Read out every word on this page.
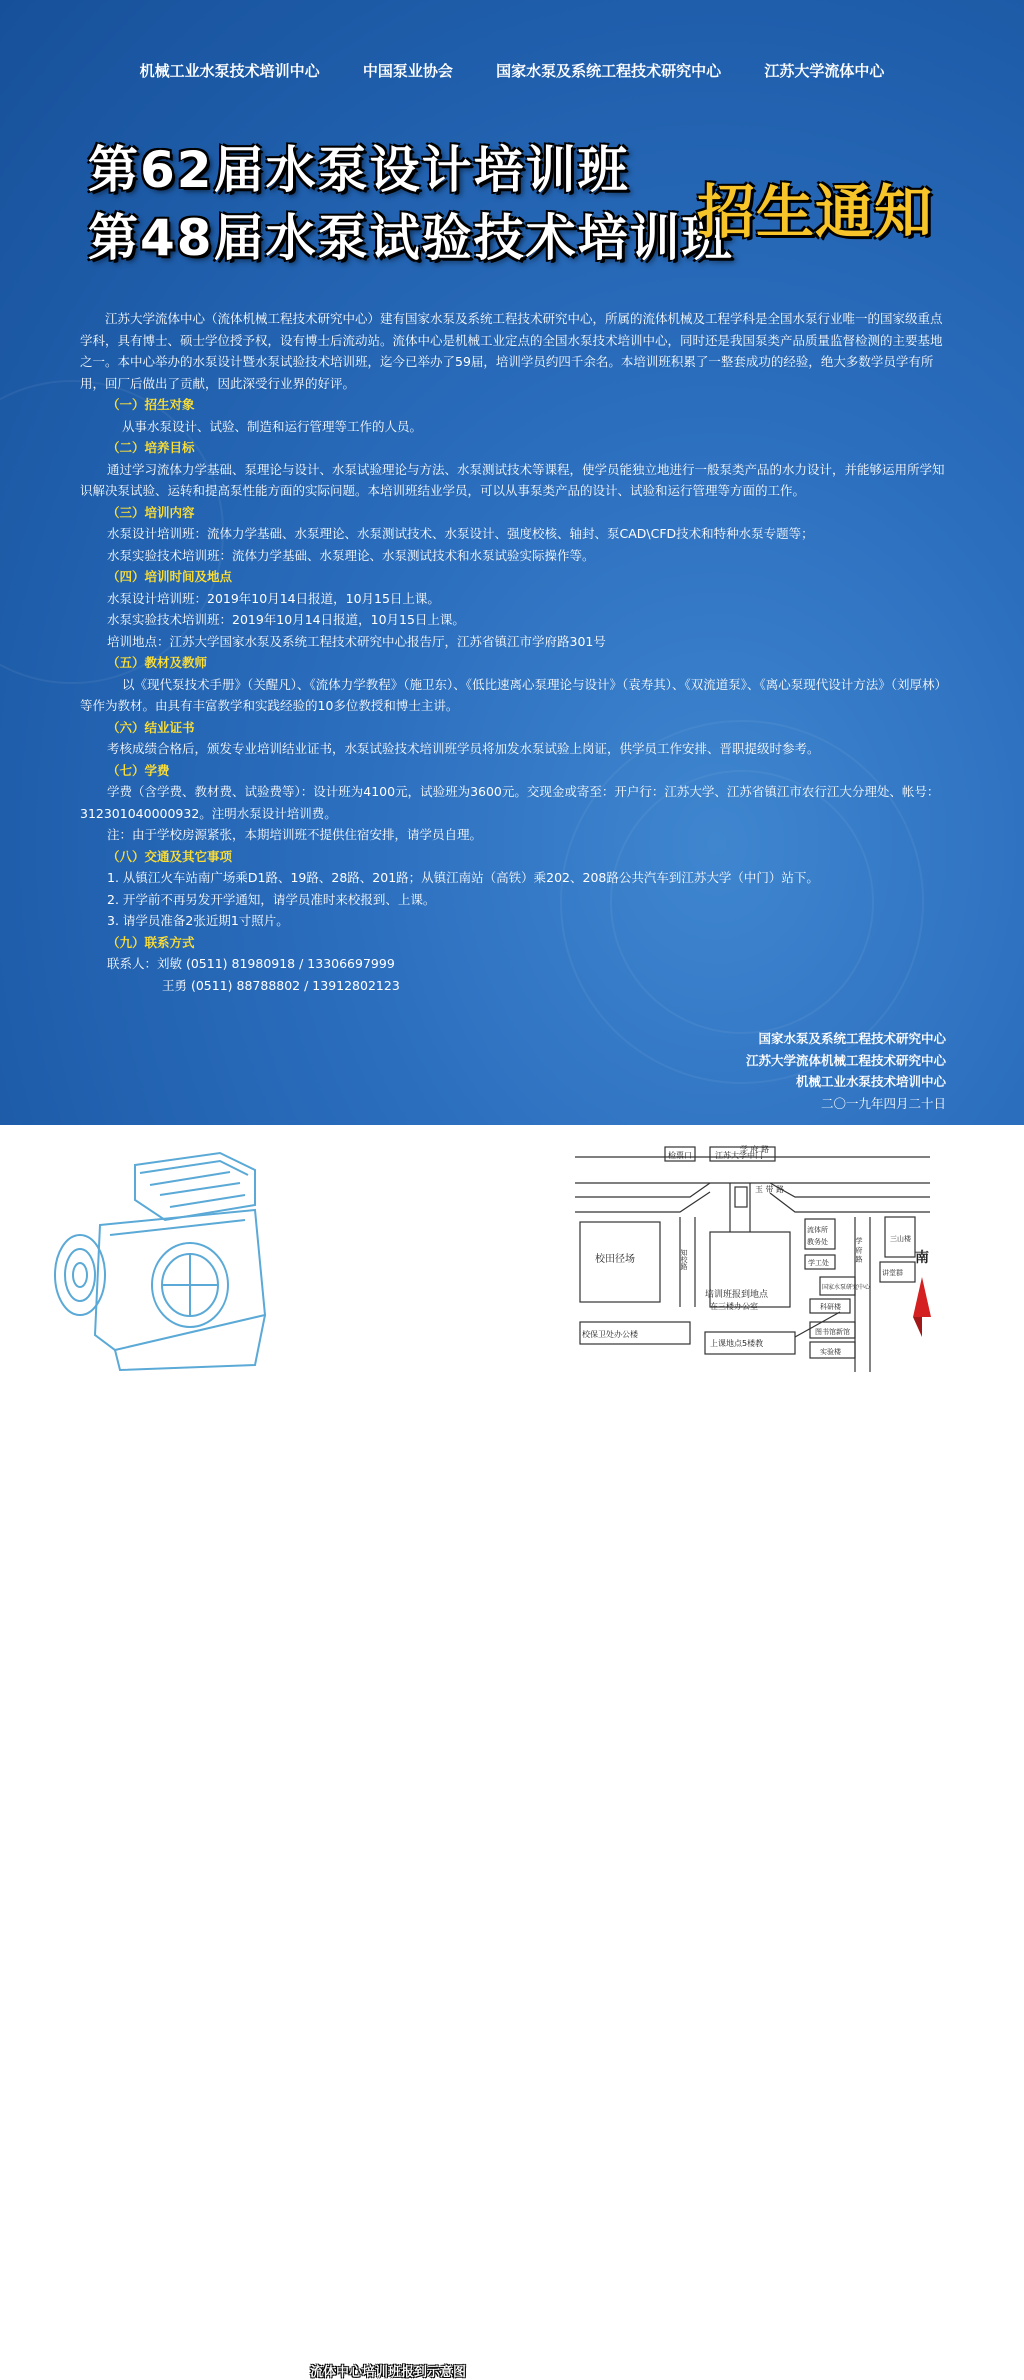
机械工业水泵技术培训中心	中国泵业协会	国家水泵及系统工程技术研究中心	江苏大学流体中心
第62届水泵设计培训班
第48届水泵试验技术培训班
招生通知

江苏大学流体中心（流体机械工程技术研究中心）建有国家水泵及系统工程技术研究中心，所属的流体机械及工程学科是全国水泵行业唯一的国家级重点学科，具有博士、硕士学位授予权，设有博士后流动站。流体中心是机械工业定点的全国水泵技术培训中心，同时还是我国泵类产品质量监督检测的主要基地之一。本中心举办的水泵设计暨水泵试验技术培训班，迄今已举办了59届，培训学员约四千余名。本培训班积累了一整套成功的经验，绝大多数学员学有所用，回厂后做出了贡献，因此深受行业界的好评。

（一）招生对象

从事水泵设计、试验、制造和运行管理等工作的人员。

（二）培养目标

通过学习流体力学基础、泵理论与设计、水泵试验理论与方法、水泵测试技术等课程，使学员能独立地进行一般泵类产品的水力设计，并能够运用所学知识解决泵试验、运转和提高泵性能方面的实际问题。本培训班结业学员，可以从事泵类产品的设计、试验和运行管理等方面的工作。

（三）培训内容

水泵设计培训班：流体力学基础、水泵理论、水泵测试技术、水泵设计、强度校核、轴封、泵CAD\CFD技术和特种水泵专题等；

水泵实验技术培训班：流体力学基础、水泵理论、水泵测试技术和水泵试验实际操作等。

（四）培训时间及地点

水泵设计培训班：2019年10月14日报道，10月15日上课。

水泵实验技术培训班：2019年10月14日报道，10月15日上课。

培训地点：江苏大学国家水泵及系统工程技术研究中心报告厅，江苏省镇江市学府路301号

（五）教材及教师

以《现代泵技术手册》（关醒凡）、《流体力学教程》（施卫东）、《低比速离心泵理论与设计》（袁寿其）、《双流道泵》、《离心泵现代设计方法》（刘厚林）等作为教材。由具有丰富教学和实践经验的10多位教授和博士主讲。

（六）结业证书

考核成绩合格后，颁发专业培训结业证书，水泵试验技术培训班学员将加发水泵试验上岗证，供学员工作安排、晋职提级时参考。

（七）学费

学费（含学费、教材费、试验费等）：设计班为4100元，试验班为3600元。交现金或寄至：开户行：江苏大学、江苏省镇江市农行江大分理处、帐号：312301040000932。注明水泵设计培训费。

注：由于学校房源紧张，本期培训班不提供住宿安排，请学员自理。

（八）交通及其它事项

1. 从镇江火车站南广场乘D1路、19路、28路、201路；从镇江南站（高铁）乘202、208路公共汽车到江苏大学（中门）站下。

2. 开学前不再另发开学通知，请学员准时来校报到、上课。

3. 请学员准备2张近期1寸照片。

（九）联系方式

联系人：刘敏 (0511) 81980918 / 13306697999

王勇 (0511) 88788802 / 13912802123

国家水泵及系统工程技术研究中心
江苏大学流体机械工程技术研究中心
机械工业水泵技术培训中心
二〇一九年四月二十日
流体中心培训班报到示意图
学 府 路
检票口	江苏大学中门
玉 带 路
校田径场
培训班报到地点
在三楼办公室
校保卫处办公楼
上课地点5楼教
流体所
教务处
学工处
国家水泵研究中心
科研楼
图书馆新馆
实验楼
三山楼
讲堂群
知校路	学 府 路	南
